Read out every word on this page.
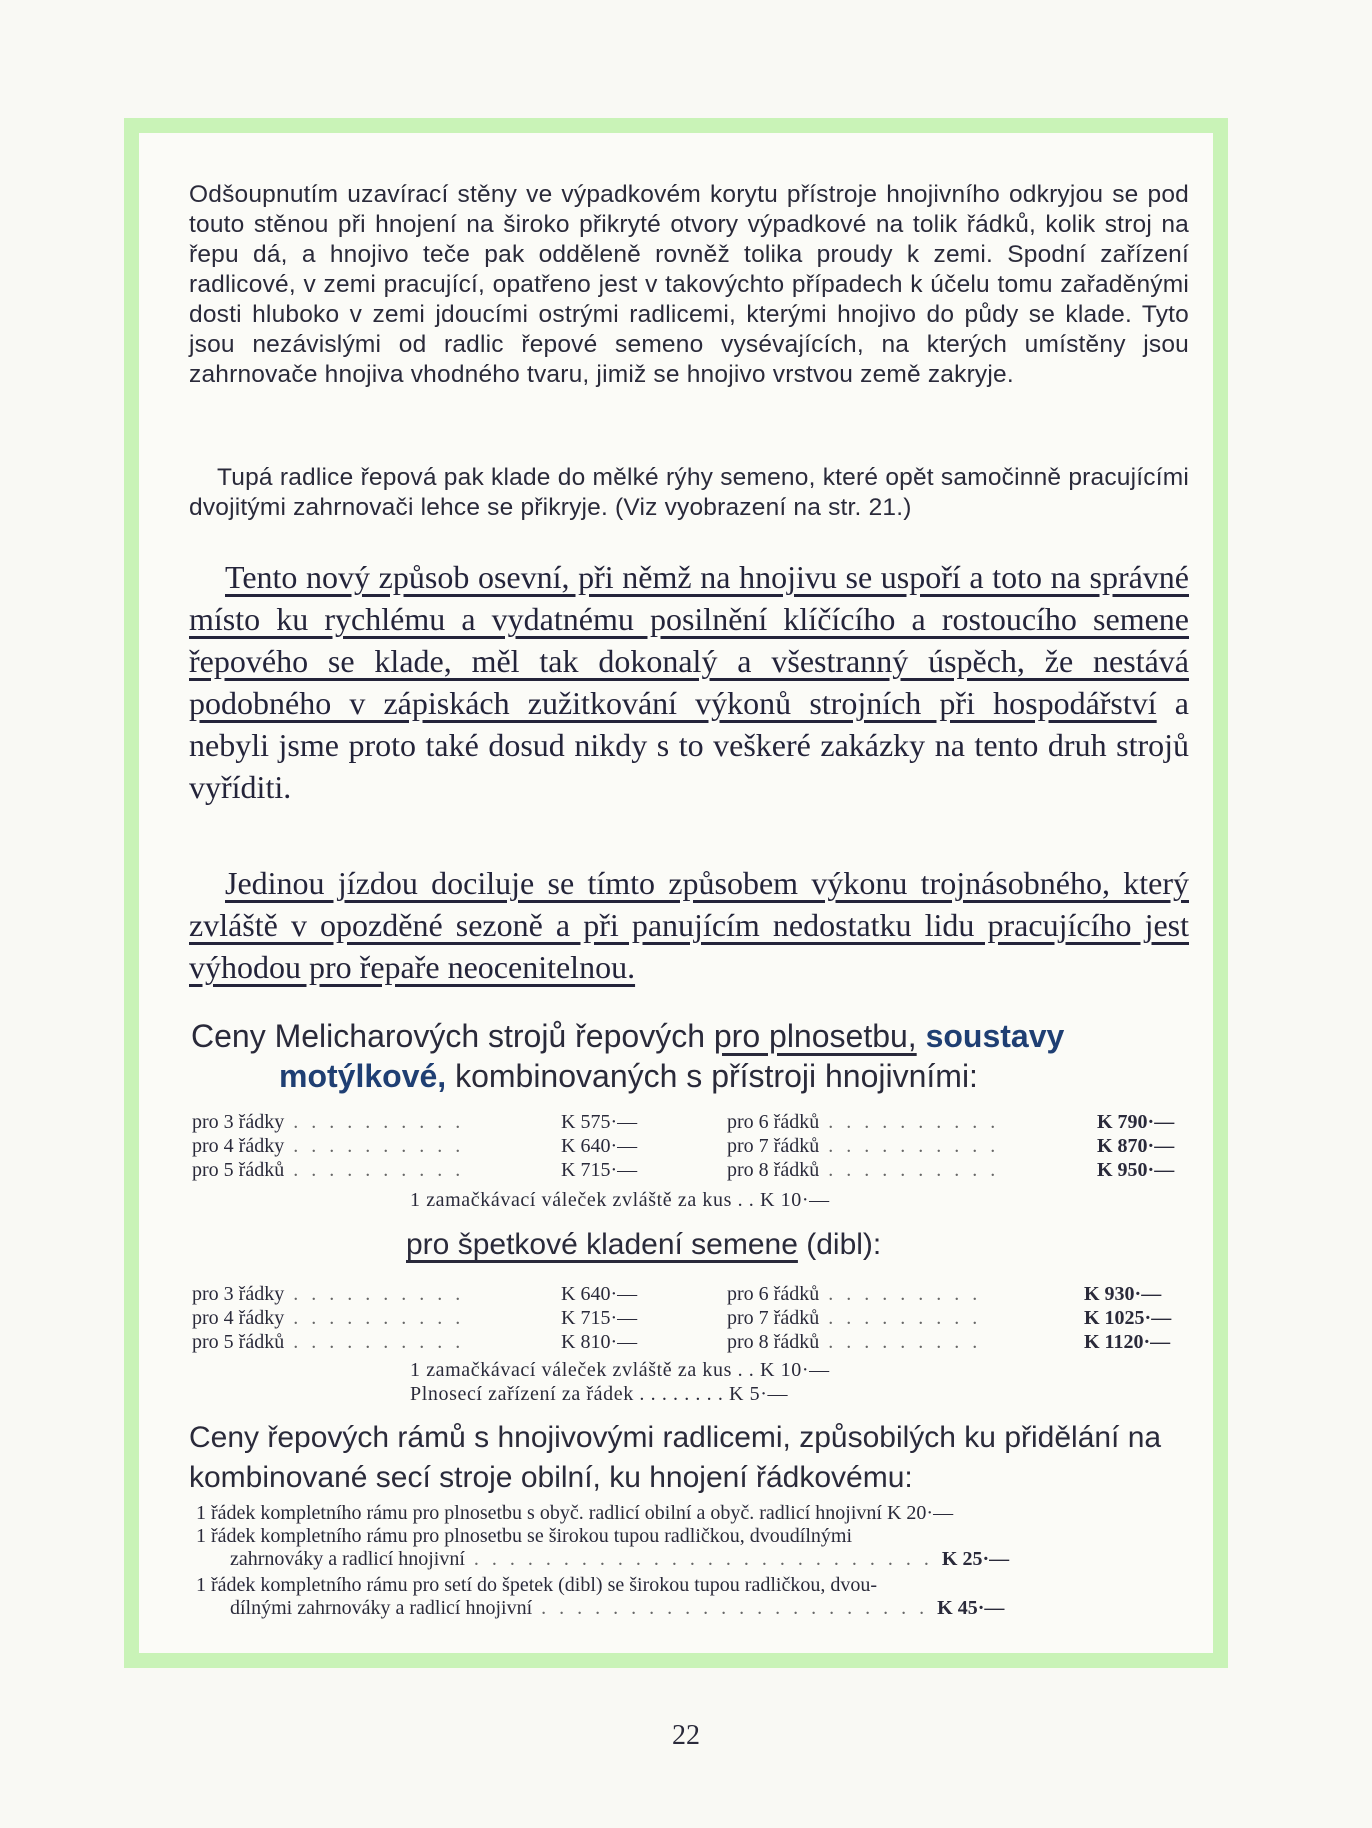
Odšoupnutím uzavírací stěny ve výpadkovém korytu přístroje hnojivního odkryjou se pod touto stěnou při hnojení na široko přikryté otvory výpadkové na tolik řádků, kolik stroj na řepu dá, a hnojivo teče pak odděleně rovněž tolika proudy k zemi. Spodní zařízení radlicové, v zemi pracující, opatřeno jest v takovýchto případech k účelu tomu zařaděnými dosti hluboko v zemi jdoucími ostrými radlicemi, kterými hnojivo do půdy se klade. Tyto jsou nezávislými od radlic řepové semeno vysévajících, na kterých umístěny jsou zahrnovače hnojiva vhodného tvaru, jimiž se hnojivo vrstvou země zakryje.

Tupá radlice řepová pak klade do mělké rýhy semeno, které opět samočinně pracujícími dvojitými zahrnovači lehce se přikryje. (Viz vyobrazení na str. 21.)

Tento nový způsob osevní, při němž na hnojivu se uspoří a toto na správné místo ku rychlému a vydatnému posilnění klíčícího a rostoucího semene řepového se klade, měl tak dokonalý a všestranný úspěch, že nestává podobného v zápiskách zužitkování výkonů strojních při hospodářství a nebyli jsme proto také dosud nikdy s to veškeré zakázky na tento druh strojů vyříditi.

Jedinou jízdou dociluje se tímto způsobem výkonu trojnásobného, který zvláště v opozděné sezoně a při panujícím nedostatku lidu pracujícího jest výhodou pro řepaře neocenitelnou.

Ceny Melicharových strojů řepových pro plnosetbu, soustavy
motýlkové, kombinovaných s přístroji hnojivními:

pro 3 řádky . . . . . . . . . .	K 575·—
pro 4 řádky . . . . . . . . . .	K 640·—
pro 5 řádků . . . . . . . . . .	K 715·—
pro 6 řádků . . . . . . . . . .	K 790·—
pro 7 řádků . . . . . . . . . .	K 870·—
pro 8 řádků . . . . . . . . . .	K 950·—
1 zamačkávací váleček zvláště za kus . . K 10·—

pro špetkové kladení semene (dibl):

pro 3 řádky . . . . . . . . . .	K 640·—
pro 4 řádky . . . . . . . . . .	K 715·—
pro 5 řádků . . . . . . . . . .	K 810·—
pro 6 řádků . . . . . . . . .	K 930·—
pro 7 řádků . . . . . . . . .	K 1025·—
pro 8 řádků . . . . . . . . .	K 1120·—
1 zamačkávací váleček zvláště za kus . . K 10·—
Plnosecí zařízení za řádek . . . . . . . . K 5·—

Ceny řepových rámů s hnojivovými radlicemi, způsobilých ku přidělání na kombinované secí stroje obilní, ku hnojení řádkovému:

1 řádek kompletního rámu pro plnosetbu s obyč. radlicí obilní a obyč. radlicí hnojivní K 20·—
1 řádek kompletního rámu pro plnosetbu se širokou tupou radličkou, dvoudílnými
zahrnováky a radlicí hnojivní . . . . . . . . . . . . . . . . . . . . . . . . . . K 25·—
1 řádek kompletního rámu pro setí do špetek (dibl) se širokou tupou radličkou, dvou-
dílnými zahrnováky a radlicí hnojivní . . . . . . . . . . . . . . . . . . . . . . K 45·—
22
